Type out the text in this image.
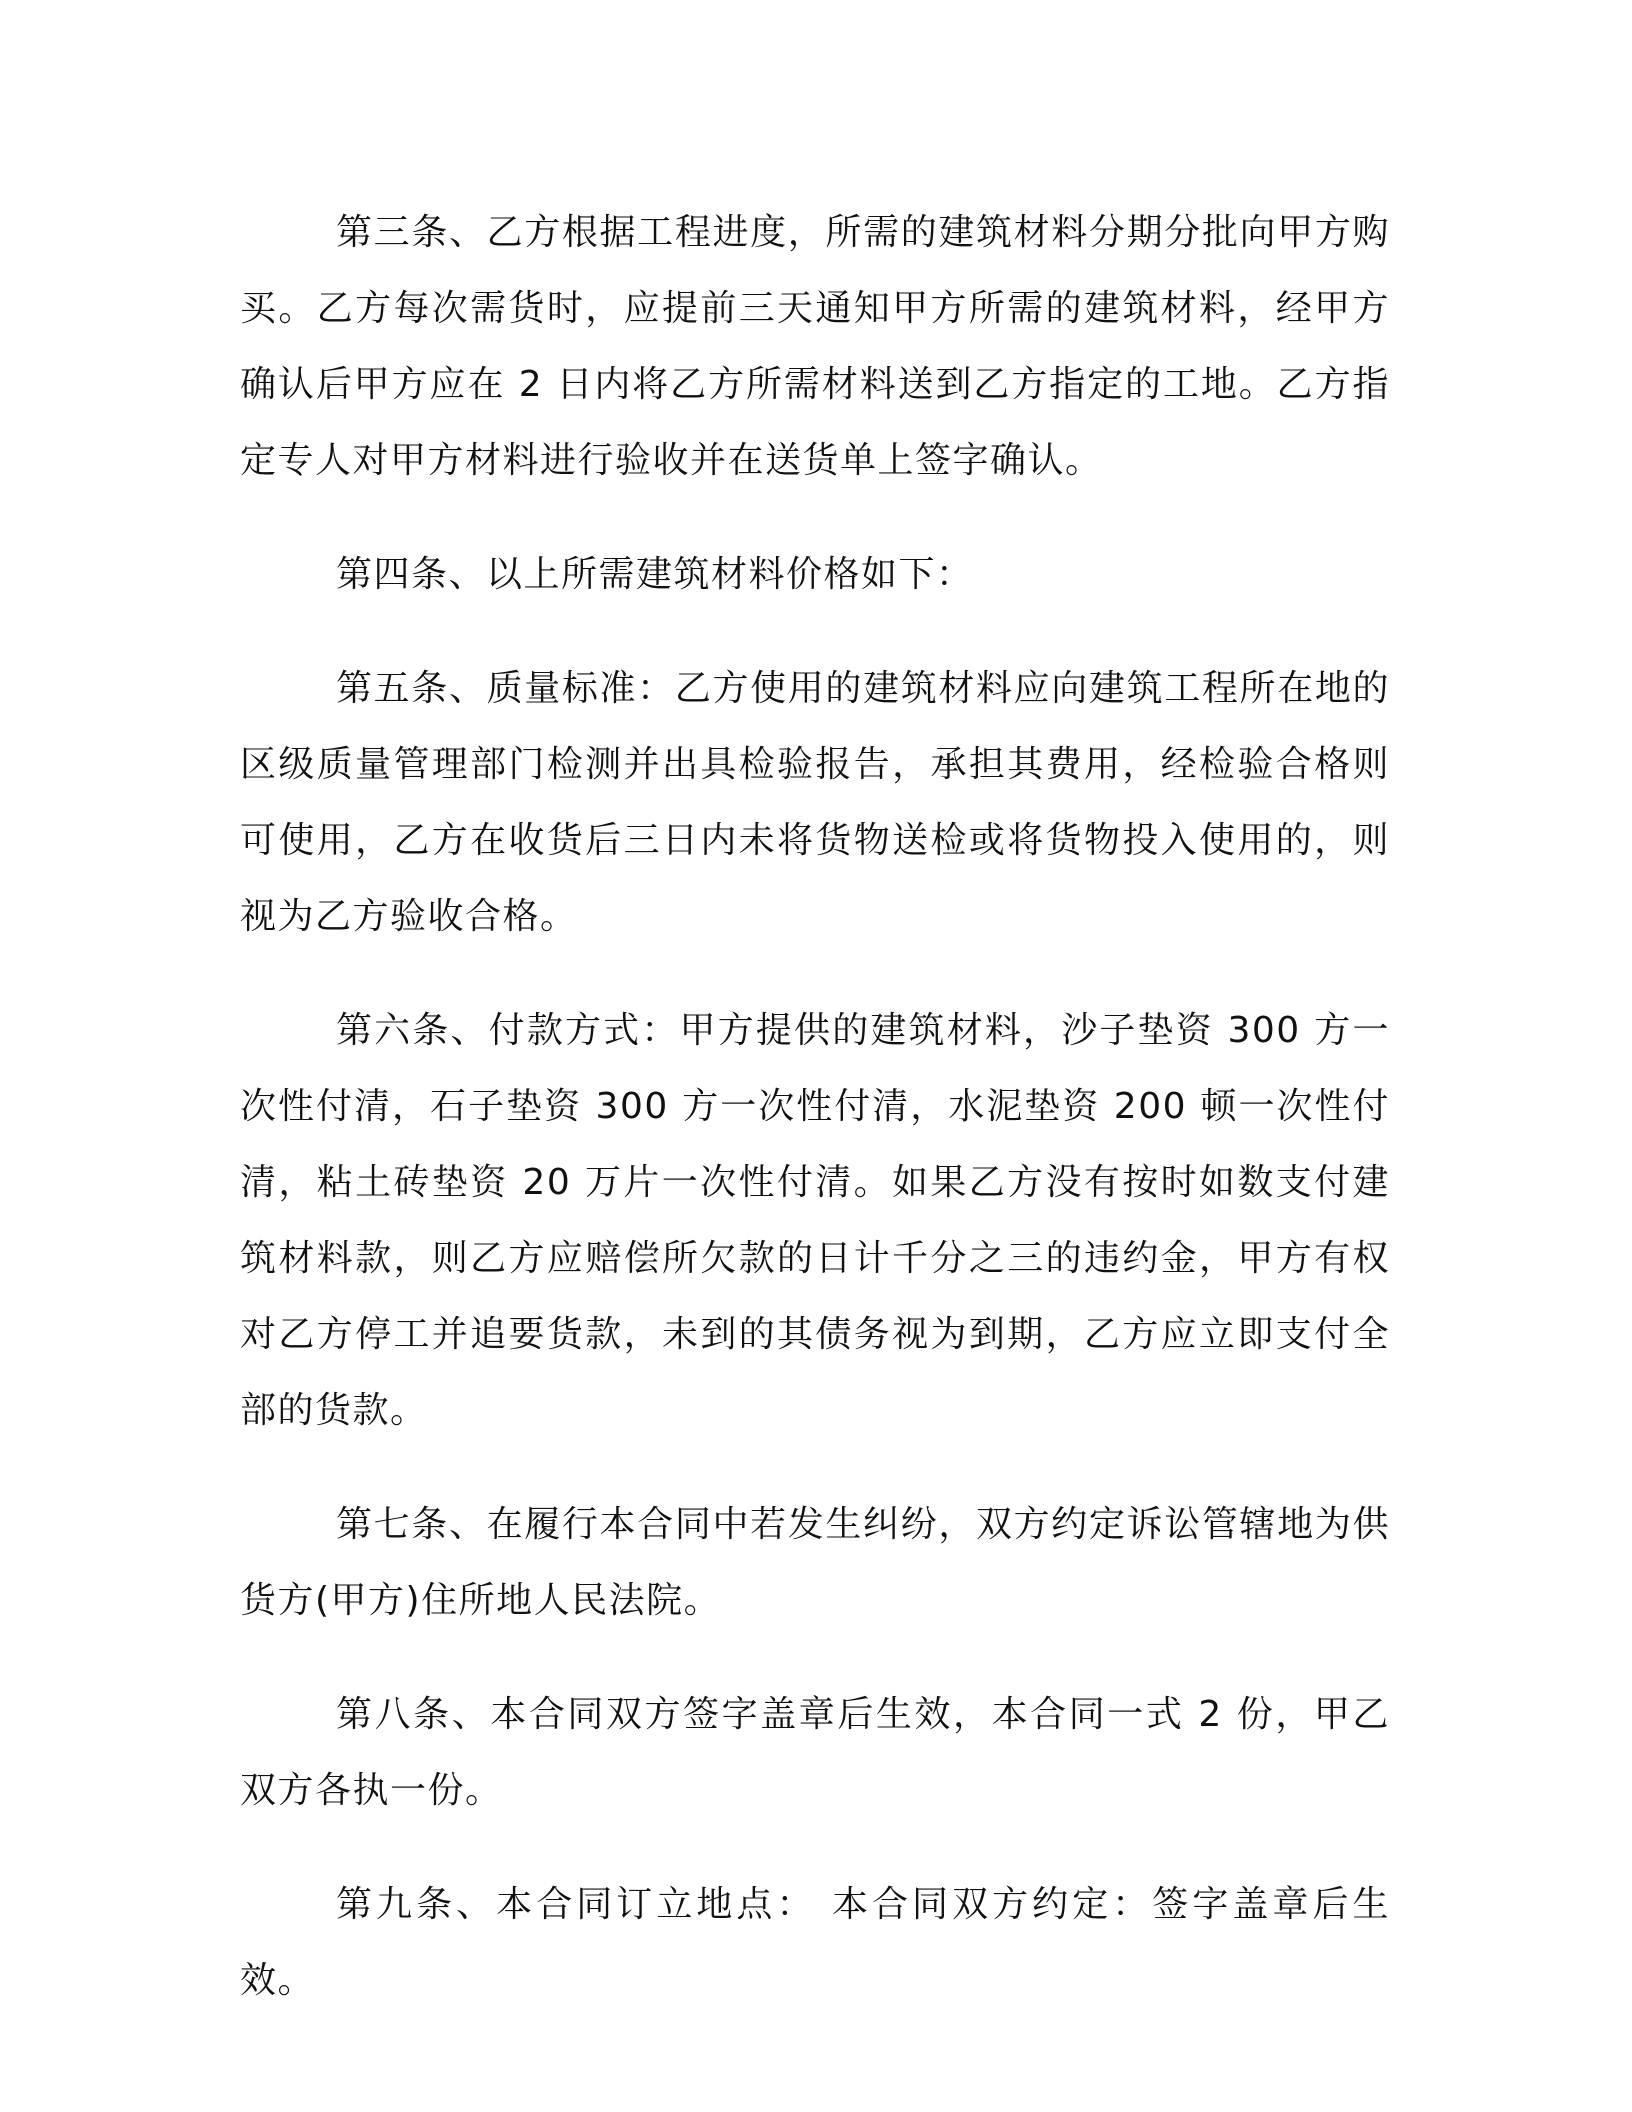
第三条、乙方根据工程进度，所需的建筑材料分期分批向甲方购买。乙方每次需货时，应提前三天通知甲方所需的建筑材料，经甲方确认后甲方应在 2 日内将乙方所需材料送到乙方指定的工地。乙方指定专人对甲方材料进行验收并在送货单上签字确认。

第四条、以上所需建筑材料价格如下：

第五条、质量标准：乙方使用的建筑材料应向建筑工程所在地的区级质量管理部门检测并出具检验报告，承担其费用，经检验合格则可使用，乙方在收货后三日内未将货物送检或将货物投入使用的，则视为乙方验收合格。

第六条、付款方式：甲方提供的建筑材料，沙子垫资 300 方一次性付清，石子垫资 300 方一次性付清，水泥垫资 200 顿一次性付清，粘土砖垫资 20 万片一次性付清。如果乙方没有按时如数支付建筑材料款，则乙方应赔偿所欠款的日计千分之三的违约金，甲方有权对乙方停工并追要货款，未到的其债务视为到期，乙方应立即支付全部的货款。

第七条、在履行本合同中若发生纠纷，双方约定诉讼管辖地为供货方(甲方)住所地人民法院。

第八条、本合同双方签字盖章后生效，本合同一式 2 份，甲乙双方各执一份。

第九条、本合同订立地点： 本合同双方约定：签字盖章后生效。
